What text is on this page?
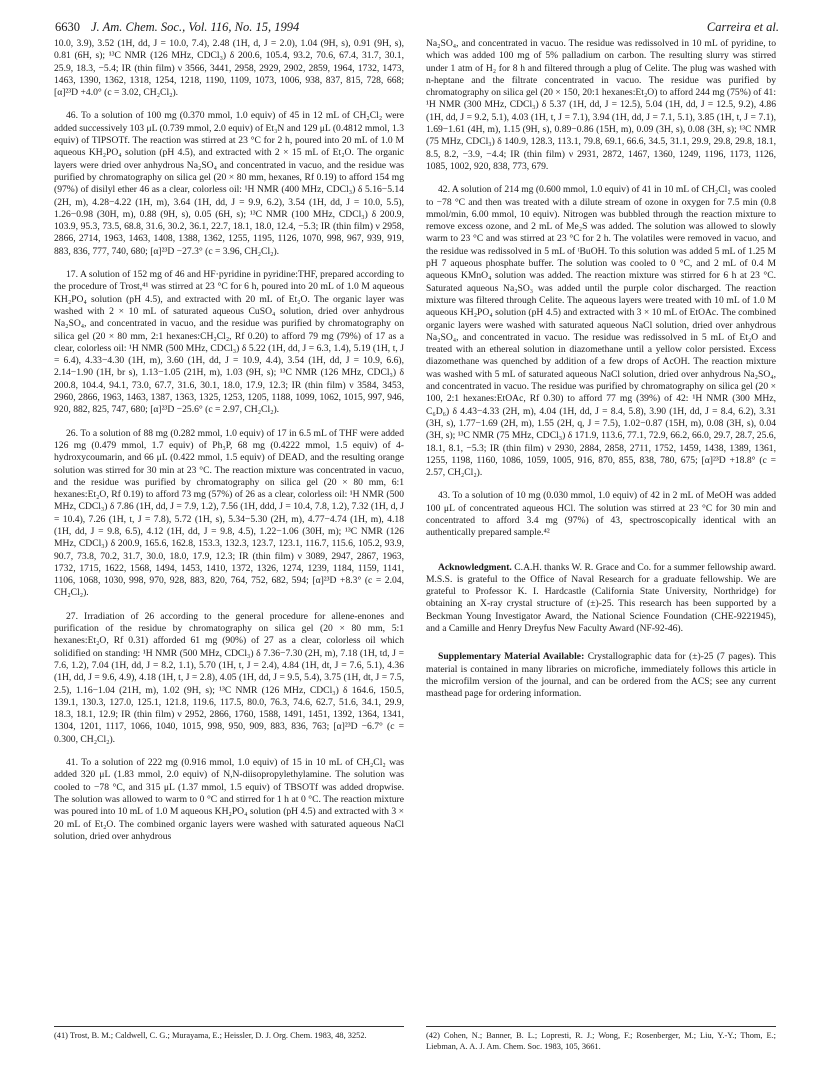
6630 J. Am. Chem. Soc., Vol. 116, No. 15, 1994	Carreira et al.

10.0, 3.9), 3.52 (1H, dd, J = 10.0, 7.4), 2.48 (1H, d, J = 2.0), 1.04 (9H, s), 0.91 (9H, s), 0.81 (6H, s); ¹³C NMR (126 MHz, CDCl₃) δ 200.6, 105.4, 93.2, 70.6, 67.4, 31.7, 30.1, 25.9, 18.3, −5.4; IR (thin film) ν 3566, 3441, 2958, 2929, 2902, 2859, 1964, 1732, 1473, 1463, 1390, 1362, 1318, 1254, 1218, 1190, 1109, 1073, 1006, 938, 837, 815, 728, 668; [α]²³D +4.0° (c = 3.02, CH₂Cl₂).

46. To a solution of 100 mg (0.370 mmol, 1.0 equiv) of 45 in 12 mL of CH₂Cl₂ were added successively 103 μL (0.739 mmol, 2.0 equiv) of Et₃N and 129 μL (0.4812 mmol, 1.3 equiv) of TIPSOTf. The reaction was stirred at 23 °C for 2 h, poured into 20 mL of 1.0 M aqueous KH₂PO₄ solution (pH 4.5), and extracted with 2 × 15 mL of Et₂O. The organic layers were dried over anhydrous Na₂SO₄ and concentrated in vacuo, and the residue was purified by chromatography on silica gel (20 × 80 mm, hexanes, Rf 0.19) to afford 154 mg (97%) of disilyl ether 46 as a clear, colorless oil: ¹H NMR (400 MHz, CDCl₃) δ 5.16−5.14 (2H, m), 4.28−4.22 (1H, m), 3.64 (1H, dd, J = 9.9, 6.2), 3.54 (1H, dd, J = 10.0, 5.5), 1.26−0.98 (30H, m), 0.88 (9H, s), 0.05 (6H, s); ¹³C NMR (100 MHz, CDCl₃) δ 200.9, 103.9, 95.3, 73.5, 68.8, 31.6, 30.2, 36.1, 22.7, 18.1, 18.0, 12.4, −5.3; IR (thin film) ν 2958, 2866, 2714, 1963, 1463, 1408, 1388, 1362, 1255, 1195, 1126, 1070, 998, 967, 939, 919, 883, 836, 777, 740, 680; [α]²³D −27.3° (c = 3.96, CH₂Cl₂).

17. A solution of 152 mg of 46 and HF·pyridine in pyridine:THF, prepared according to the procedure of Trost,⁴¹ was stirred at 23 °C for 6 h, poured into 20 mL of 1.0 M aqueous KH₂PO₄ solution (pH 4.5), and extracted with 20 mL of Et₂O. The organic layer was washed with 2 × 10 mL of saturated aqueous CuSO₄ solution, dried over anhydrous Na₂SO₄, and concentrated in vacuo, and the residue was purified by chromatography on silica gel (20 × 80 mm, 2:1 hexanes:CH₂Cl₂, Rf 0.20) to afford 79 mg (79%) of 17 as a clear, colorless oil: ¹H NMR (500 MHz, CDCl₃) δ 5.22 (1H, dd, J = 6.3, 1.4), 5.19 (1H, t, J = 6.4), 4.33−4.30 (1H, m), 3.60 (1H, dd, J = 10.9, 4.4), 3.54 (1H, dd, J = 10.9, 6.6), 2.14−1.90 (1H, br s), 1.13−1.05 (21H, m), 1.03 (9H, s); ¹³C NMR (126 MHz, CDCl₃) δ 200.8, 104.4, 94.1, 73.0, 67.7, 31.6, 30.1, 18.0, 17.9, 12.3; IR (thin film) ν 3584, 3453, 2960, 2866, 1963, 1463, 1387, 1363, 1325, 1253, 1205, 1188, 1099, 1062, 1015, 997, 946, 920, 882, 825, 747, 680; [α]²³D −25.6° (c = 2.97, CH₂Cl₂).

26. To a solution of 88 mg (0.282 mmol, 1.0 equiv) of 17 in 6.5 mL of THF were added 126 mg (0.479 mmol, 1.7 equiv) of Ph₃P, 68 mg (0.4222 mmol, 1.5 equiv) of 4-hydroxycoumarin, and 66 μL (0.422 mmol, 1.5 equiv) of DEAD, and the resulting orange solution was stirred for 30 min at 23 °C. The reaction mixture was concentrated in vacuo, and the residue was purified by chromatography on silica gel (20 × 80 mm, 6:1 hexanes:Et₂O, Rf 0.19) to afford 73 mg (57%) of 26 as a clear, colorless oil: ¹H NMR (500 MHz, CDCl₃) δ 7.86 (1H, dd, J = 7.9, 1.2), 7.56 (1H, ddd, J = 10.4, 7.8, 1.2), 7.32 (1H, d, J = 10.4), 7.26 (1H, t, J = 7.8), 5.72 (1H, s), 5.34−5.30 (2H, m), 4.77−4.74 (1H, m), 4.18 (1H, dd, J = 9.8, 6.5), 4.12 (1H, dd, J = 9.8, 4.5), 1.22−1.06 (30H, m); ¹³C NMR (126 MHz, CDCl₃) δ 200.9, 165.6, 162.8, 153.3, 132.3, 123.7, 123.1, 116.7, 115.6, 105.2, 93.9, 90.7, 73.8, 70.2, 31.7, 30.0, 18.0, 17.9, 12.3; IR (thin film) ν 3089, 2947, 2867, 1963, 1732, 1715, 1622, 1568, 1494, 1453, 1410, 1372, 1326, 1274, 1239, 1184, 1159, 1141, 1106, 1068, 1030, 998, 970, 928, 883, 820, 764, 752, 682, 594; [α]²³D +8.3° (c = 2.04, CH₂Cl₂).

27. Irradiation of 26 according to the general procedure for allene-enones and purification of the residue by chromatography on silica gel (20 × 80 mm, 5:1 hexanes:Et₂O, Rf 0.31) afforded 61 mg (90%) of 27 as a clear, colorless oil which solidified on standing: ¹H NMR (500 MHz, CDCl₃) δ 7.36−7.30 (2H, m), 7.18 (1H, td, J = 7.6, 1.2), 7.04 (1H, dd, J = 8.2, 1.1), 5.70 (1H, t, J = 2.4), 4.84 (1H, dt, J = 7.6, 5.1), 4.36 (1H, dd, J = 9.6, 4.9), 4.18 (1H, t, J = 2.8), 4.05 (1H, dd, J = 9.5, 5.4), 3.75 (1H, dt, J = 7.5, 2.5), 1.16−1.04 (21H, m), 1.02 (9H, s); ¹³C NMR (126 MHz, CDCl₃) δ 164.6, 150.5, 139.1, 130.3, 127.0, 125.1, 121.8, 119.6, 117.5, 80.0, 76.3, 74.6, 62.7, 51.6, 34.1, 29.9, 18.3, 18.1, 12.9; IR (thin film) ν 2952, 2866, 1760, 1588, 1491, 1451, 1392, 1364, 1341, 1304, 1201, 1117, 1066, 1040, 1015, 998, 950, 909, 883, 836, 763; [α]²³D −6.7° (c = 0.300, CH₂Cl₂).

41. To a solution of 222 mg (0.916 mmol, 1.0 equiv) of 15 in 10 mL of CH₂Cl₂ was added 320 μL (1.83 mmol, 2.0 equiv) of N,N-diisopropylethylamine. The solution was cooled to −78 °C, and 315 μL (1.37 mmol, 1.5 equiv) of TBSOTf was added dropwise. The solution was allowed to warm to 0 °C and stirred for 1 h at 0 °C. The reaction mixture was poured into 10 mL of 1.0 M aqueous KH₂PO₄ solution (pH 4.5) and extracted with 3 × 20 mL of Et₂O. The combined organic layers were washed with saturated aqueous NaCl solution, dried over anhydrous

Na₂SO₄, and concentrated in vacuo. The residue was redissolved in 10 mL of pyridine, to which was added 100 mg of 5% palladium on carbon. The resulting slurry was stirred under 1 atm of H₂ for 8 h and filtered through a plug of Celite. The plug was washed with n-heptane and the filtrate concentrated in vacuo. The residue was purified by chromatography on silica gel (20 × 150, 20:1 hexanes:Et₂O) to afford 244 mg (75%) of 41: ¹H NMR (300 MHz, CDCl₃) δ 5.37 (1H, dd, J = 12.5), 5.04 (1H, dd, J = 12.5, 9.2), 4.86 (1H, dd, J = 9.2, 5.1), 4.03 (1H, t, J = 7.1), 3.94 (1H, dd, J = 7.1, 5.1), 3.85 (1H, t, J = 7.1), 1.69−1.61 (4H, m), 1.15 (9H, s), 0.89−0.86 (15H, m), 0.09 (3H, s), 0.08 (3H, s); ¹³C NMR (75 MHz, CDCl₃) δ 140.9, 128.3, 113.1, 79.8, 69.1, 66.6, 34.5, 31.1, 29.9, 29.8, 29.8, 18.1, 8.5, 8.2, −3.9, −4.4; IR (thin film) ν 2931, 2872, 1467, 1360, 1249, 1196, 1173, 1126, 1085, 1002, 920, 838, 773, 679.

42. A solution of 214 mg (0.600 mmol, 1.0 equiv) of 41 in 10 mL of CH₂Cl₂ was cooled to −78 °C and then was treated with a dilute stream of ozone in oxygen for 7.5 min (0.8 mmol/min, 6.00 mmol, 10 equiv). Nitrogen was bubbled through the reaction mixture to remove excess ozone, and 2 mL of Me₂S was added. The solution was allowed to slowly warm to 23 °C and was stirred at 23 °C for 2 h. The volatiles were removed in vacuo, and the residue was redissolved in 5 mL of ᵗBuOH. To this solution was added 5 mL of 1.25 M pH 7 aqueous phosphate buffer. The solution was cooled to 0 °C, and 2 mL of 0.4 M aqueous KMnO₄ solution was added. The reaction mixture was stirred for 6 h at 23 °C. Saturated aqueous Na₂SO₃ was added until the purple color discharged. The reaction mixture was filtered through Celite. The aqueous layers were treated with 10 mL of 1.0 M aqueous KH₂PO₄ solution (pH 4.5) and extracted with 3 × 10 mL of EtOAc. The combined organic layers were washed with saturated aqueous NaCl solution, dried over anhydrous Na₂SO₄, and concentrated in vacuo. The residue was redissolved in 5 mL of Et₂O and treated with an ethereal solution in diazomethane until a yellow color persisted. Excess diazomethane was quenched by addition of a few drops of AcOH. The reaction mixture was washed with 5 mL of saturated aqueous NaCl solution, dried over anhydrous Na₂SO₄, and concentrated in vacuo. The residue was purified by chromatography on silica gel (20 × 100, 2:1 hexanes:EtOAc, Rf 0.30) to afford 77 mg (39%) of 42: ¹H NMR (300 MHz, C₆D₆) δ 4.43−4.33 (2H, m), 4.04 (1H, dd, J = 8.4, 5.8), 3.90 (1H, dd, J = 8.4, 6.2), 3.31 (3H, s), 1.77−1.69 (2H, m), 1.55 (2H, q, J = 7.5), 1.02−0.87 (15H, m), 0.08 (3H, s), 0.04 (3H, s); ¹³C NMR (75 MHz, CDCl₃) δ 171.9, 113.6, 77.1, 72.9, 66.2, 66.0, 29.7, 28.7, 25.6, 18.1, 8.1, −5.3; IR (thin film) ν 2930, 2884, 2858, 2711, 1752, 1459, 1438, 1389, 1361, 1255, 1198, 1160, 1086, 1059, 1005, 916, 870, 855, 838, 780, 675; [α]²³D +18.8° (c = 2.57, CH₂Cl₂).

43. To a solution of 10 mg (0.030 mmol, 1.0 equiv) of 42 in 2 mL of MeOH was added 100 μL of concentrated aqueous HCl. The solution was stirred at 23 °C for 30 min and concentrated to afford 3.4 mg (97%) of 43, spectroscopically identical with an authentically prepared sample.⁴²

Acknowledgment. C.A.H. thanks W. R. Grace and Co. for a summer fellowship award. M.S.S. is grateful to the Office of Naval Research for a graduate fellowship. We are grateful to Professor K. I. Hardcastle (California State University, Northridge) for obtaining an X-ray crystal structure of (±)-25. This research has been supported by a Beckman Young Investigator Award, the National Science Foundation (CHE-9221945), and a Camille and Henry Dreyfus New Faculty Award (NF-92-46).

Supplementary Material Available: Crystallographic data for (±)-25 (7 pages). This material is contained in many libraries on microfiche, immediately follows this article in the microfilm version of the journal, and can be ordered from the ACS; see any current masthead page for ordering information.

(41) Trost, B. M.; Caldwell, C. G.; Murayama, E.; Heissler, D. J. Org. Chem. 1983, 48, 3252.	(42) Cohen, N.; Banner, B. L.; Lopresti, R. J.; Wong, F.; Rosenberger, M.; Liu, Y.-Y.; Thom, E.; Liebman, A. A. J. Am. Chem. Soc. 1983, 105, 3661.
